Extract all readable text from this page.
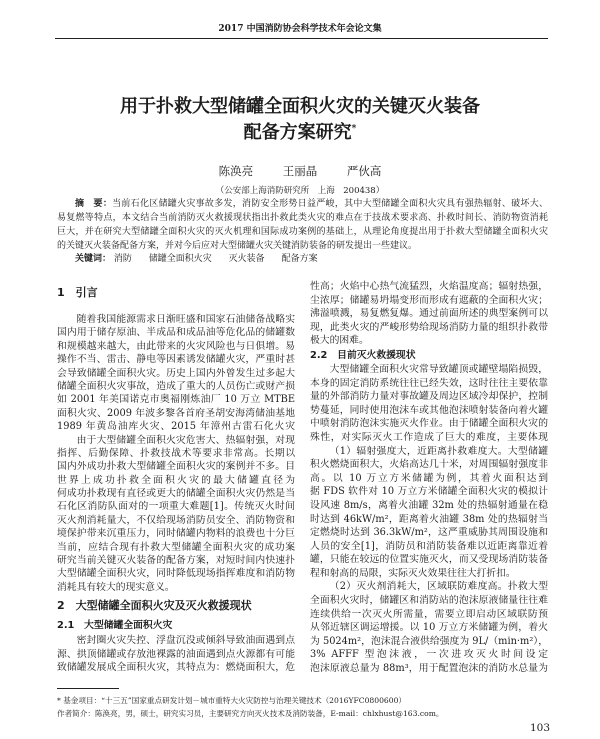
2017 中国消防协会科学技术年会论文集
用于扑救大型储罐全面积火灾的关键灭火装备
配备方案研究*
陈涣亮	王丽晶	严伙高
（公安部上海消防研究所　上海　200438）
摘　要：当前石化区储罐火灾事故多发，消防安全形势日益严峻，其中大型储罐全面积火灾具有强热辐射、破坏大、
易复燃等特点，本文结合当前消防灭火救援现状指出扑救此类火灾的难点在于技战术要求高、扑救时间长、消防物资消耗
巨大，并在研究大型储罐全面积火灾的灭火机理和国际成功案例的基础上，从理论角度提出用于扑救大型储罐全面积火灾
的关键灭火装备配备方案，并对今后应对大型储罐火灾关键消防装备的研发提出一些建议。
关键词： 消防 储罐全面积火灾 灭火装备 配备方案
1　引言
随着我国能源需求日渐旺盛和国家石油储备战略实
国内用于储存原油、半成品和成品油等危化品的储罐数
和规模越来越大，由此带来的火灾风险也与日俱增。易
操作不当、雷击、静电等因素诱发储罐火灾，严重时甚
会导致储罐全面积火灾。历史上国内外曾发生过多起大
储罐全面积火灾事故，造成了重大的人员伤亡或财产损
如 2001 年美国诺克市奥福刚炼油厂 10 万立 MTBE
面积火灾、2009 年波多黎各首府圣胡安海湾储油基地
1989 年黄岛油库火灾、2015 年漳州古雷石化火灾
由于大型储罐全面积火灾危害大、热辐射强，对现
指挥、后勤保障、扑救技战术等要求非常高。长期以
国内外成功扑救大型储罐全面积火灾的案例并不多。目
世界上成功扑救全面积火灾的最大储罐直径为
何成功扑救现有直径或更大的储罐全面积火灾仍然是当
石化区消防队面对的一项重大难题[1]。传统灭火时间
灭火剂消耗量大，不仅给现场消防员安全、消防物资和
境保护带来沉重压力，同时储罐内物料的浪费也十分巨
当前，应结合现有扑救大型储罐全面积火灾的成功案
研究当前关键灭火装备的配备方案，对短时间内快速扑
大型储罐全面积火灾，同时降低现场指挥难度和消防物
消耗具有较大的现实意义。
2　大型储罐全面积火灾及灭火救援现状
2.1　大型储罐全面积火灾
密封圈火灾失控、浮盘沉没或倾斜导致油面遇到点
源、拱顶储罐或存放池裸露的油面遇到点火源都有可能
致储罐发展成全面积火灾，其特点为：燃烧面积大，危
性高；火焰中心热气流猛烈，火焰温度高；辐射热强，
尘浓厚；储罐易坍塌变形而形成有遮蔽的全面积火灾；
沸溢喷溅，易复燃复爆。通过前面所述的典型案例可以
现，此类火灾的严峻形势给现场消防力量的组织扑救带
极大的困难。
2.2　目前灭火救援现状
大型储罐全面积火灾常导致罐顶或罐壁塌陷损毁，
本身的固定消防系统往往已经失效，这时往往主要依靠
量的外部消防力量对事故罐及周边区域冷却保护，控制
势蔓延，同时使用泡沫车或其他泡沫喷射装备向着火罐
中喷射消防泡沫实施灭火作业。由于储罐全面积火灾的
殊性，对实际灭火工作造成了巨大的难度，主要体现
（1）辐射强度大，近距离扑救难度大。大型储罐
积火燃烧面积大，火焰高达几十米，对周围辐射强度非
高。以 10 万立方米储罐为例，其着火面积达到
据 FDS 软件对 10 万立方米储罐全面积火灾的模拟计
设风速 8m/s，离着火油罐 32m 处的热辐射通量在稳
时达到 46kW/m²，距离着火油罐 38m 处的热辐射当
定燃烧时达到 36.3kW/m²，这严重威胁其周围设施和
人员的安全[1]，消防员和消防装备难以近距离靠近着
罐，只能在较远的位置实施灭火，而又受现场消防装备
程和射高的局限，实际灭火效果往往大打折扣。
（2）灭火剂消耗大，区域联防难度高。扑救大型
全面积火灾时，储罐区和消防站的泡沫原液储量往往难
连续供给一次灭火所需量，需要立即启动区域联防预
从邻近辖区调运增援。以 10 万立方米储罐为例，着火
为 5024m²，泡沫混合液供给强度为 9L/（min·m²），
3% AFFF 型泡沫液，一次进攻灭火时间设定
泡沫原液总量为 88m³，用于配置泡沫的消防水总量为
* 基金项目：“十三五”国家重点研发计划－城市重特大火灾防控与治理关键技术（2016YFC0800600）
作者简介：陈涣亮，男，硕士，研究实习员，主要研究方向灭火技术及消防装备，E-mail：chlxhust@163.com。
103
